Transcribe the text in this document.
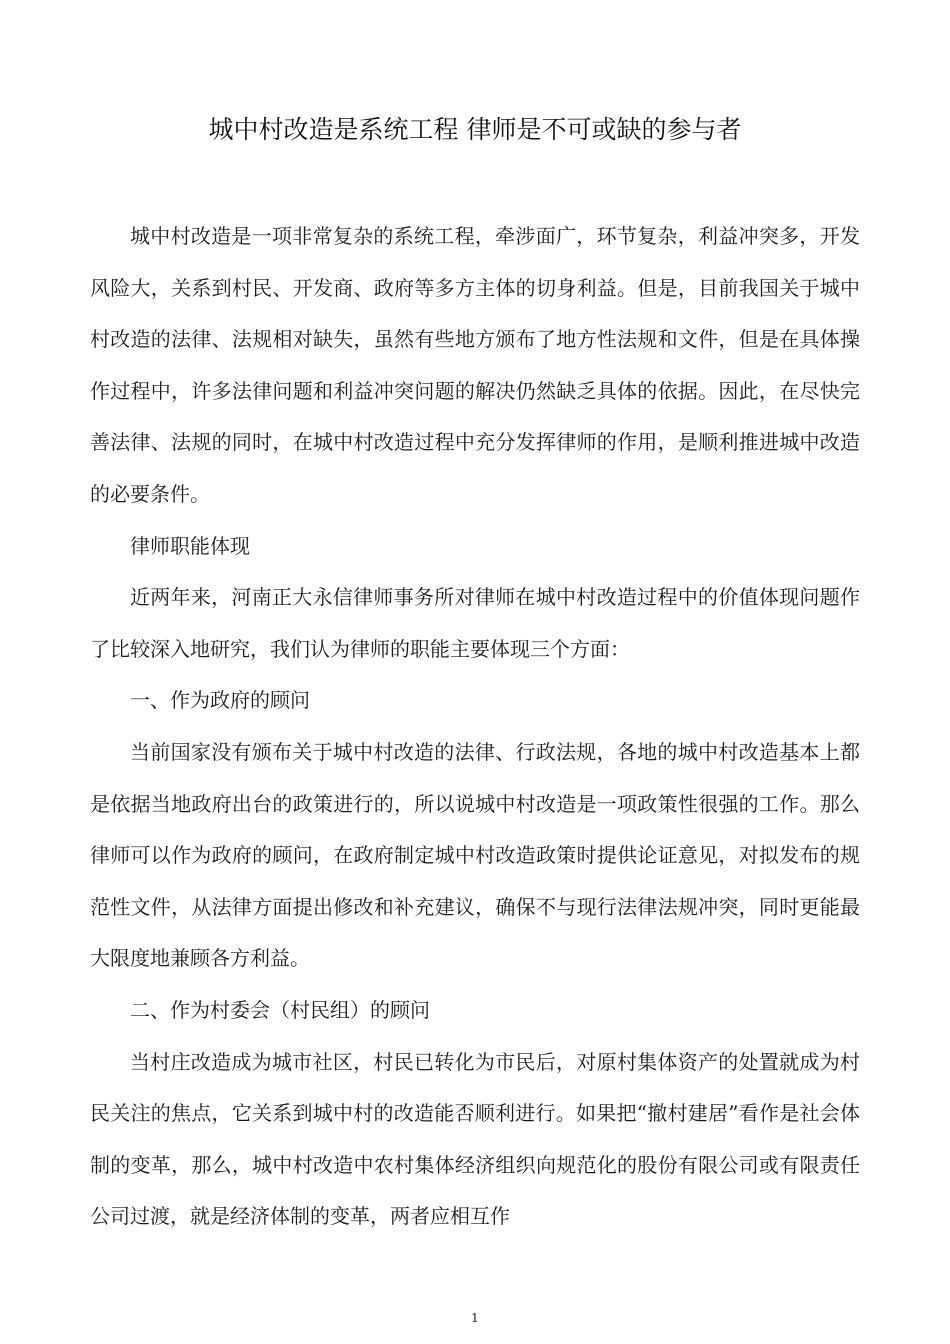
城中村改造是系统工程 律师是不可或缺的参与者

城中村改造是一项非常复杂的系统工程，牵涉面广，环节复杂，利益冲突多，开发风险大，关系到村民、开发商、政府等多方主体的切身利益。但是，目前我国关于城中村改造的法律、法规相对缺失，虽然有些地方颁布了地方性法规和文件，但是在具体操作过程中，许多法律问题和利益冲突问题的解决仍然缺乏具体的依据。因此，在尽快完善法律、法规的同时，在城中村改造过程中充分发挥律师的作用，是顺利推进城中改造的必要条件。

律师职能体现

近两年来，河南正大永信律师事务所对律师在城中村改造过程中的价值体现问题作了比较深入地研究，我们认为律师的职能主要体现三个方面：

一、作为政府的顾问

当前国家没有颁布关于城中村改造的法律、行政法规，各地的城中村改造基本上都是依据当地政府出台的政策进行的，所以说城中村改造是一项政策性很强的工作。那么律师可以作为政府的顾问，在政府制定城中村改造政策时提供论证意见，对拟发布的规范性文件，从法律方面提出修改和补充建议，确保不与现行法律法规冲突，同时更能最大限度地兼顾各方利益。

二、作为村委会（村民组）的顾问

当村庄改造成为城市社区，村民已转化为市民后，对原村集体资产的处置就成为村民关注的焦点，它关系到城中村的改造能否顺利进行。如果把“撤村建居”看作是社会体制的变革，那么，城中村改造中农村集体经济组织向规范化的股份有限公司或有限责任公司过渡，就是经济体制的变革，两者应相互作

1
